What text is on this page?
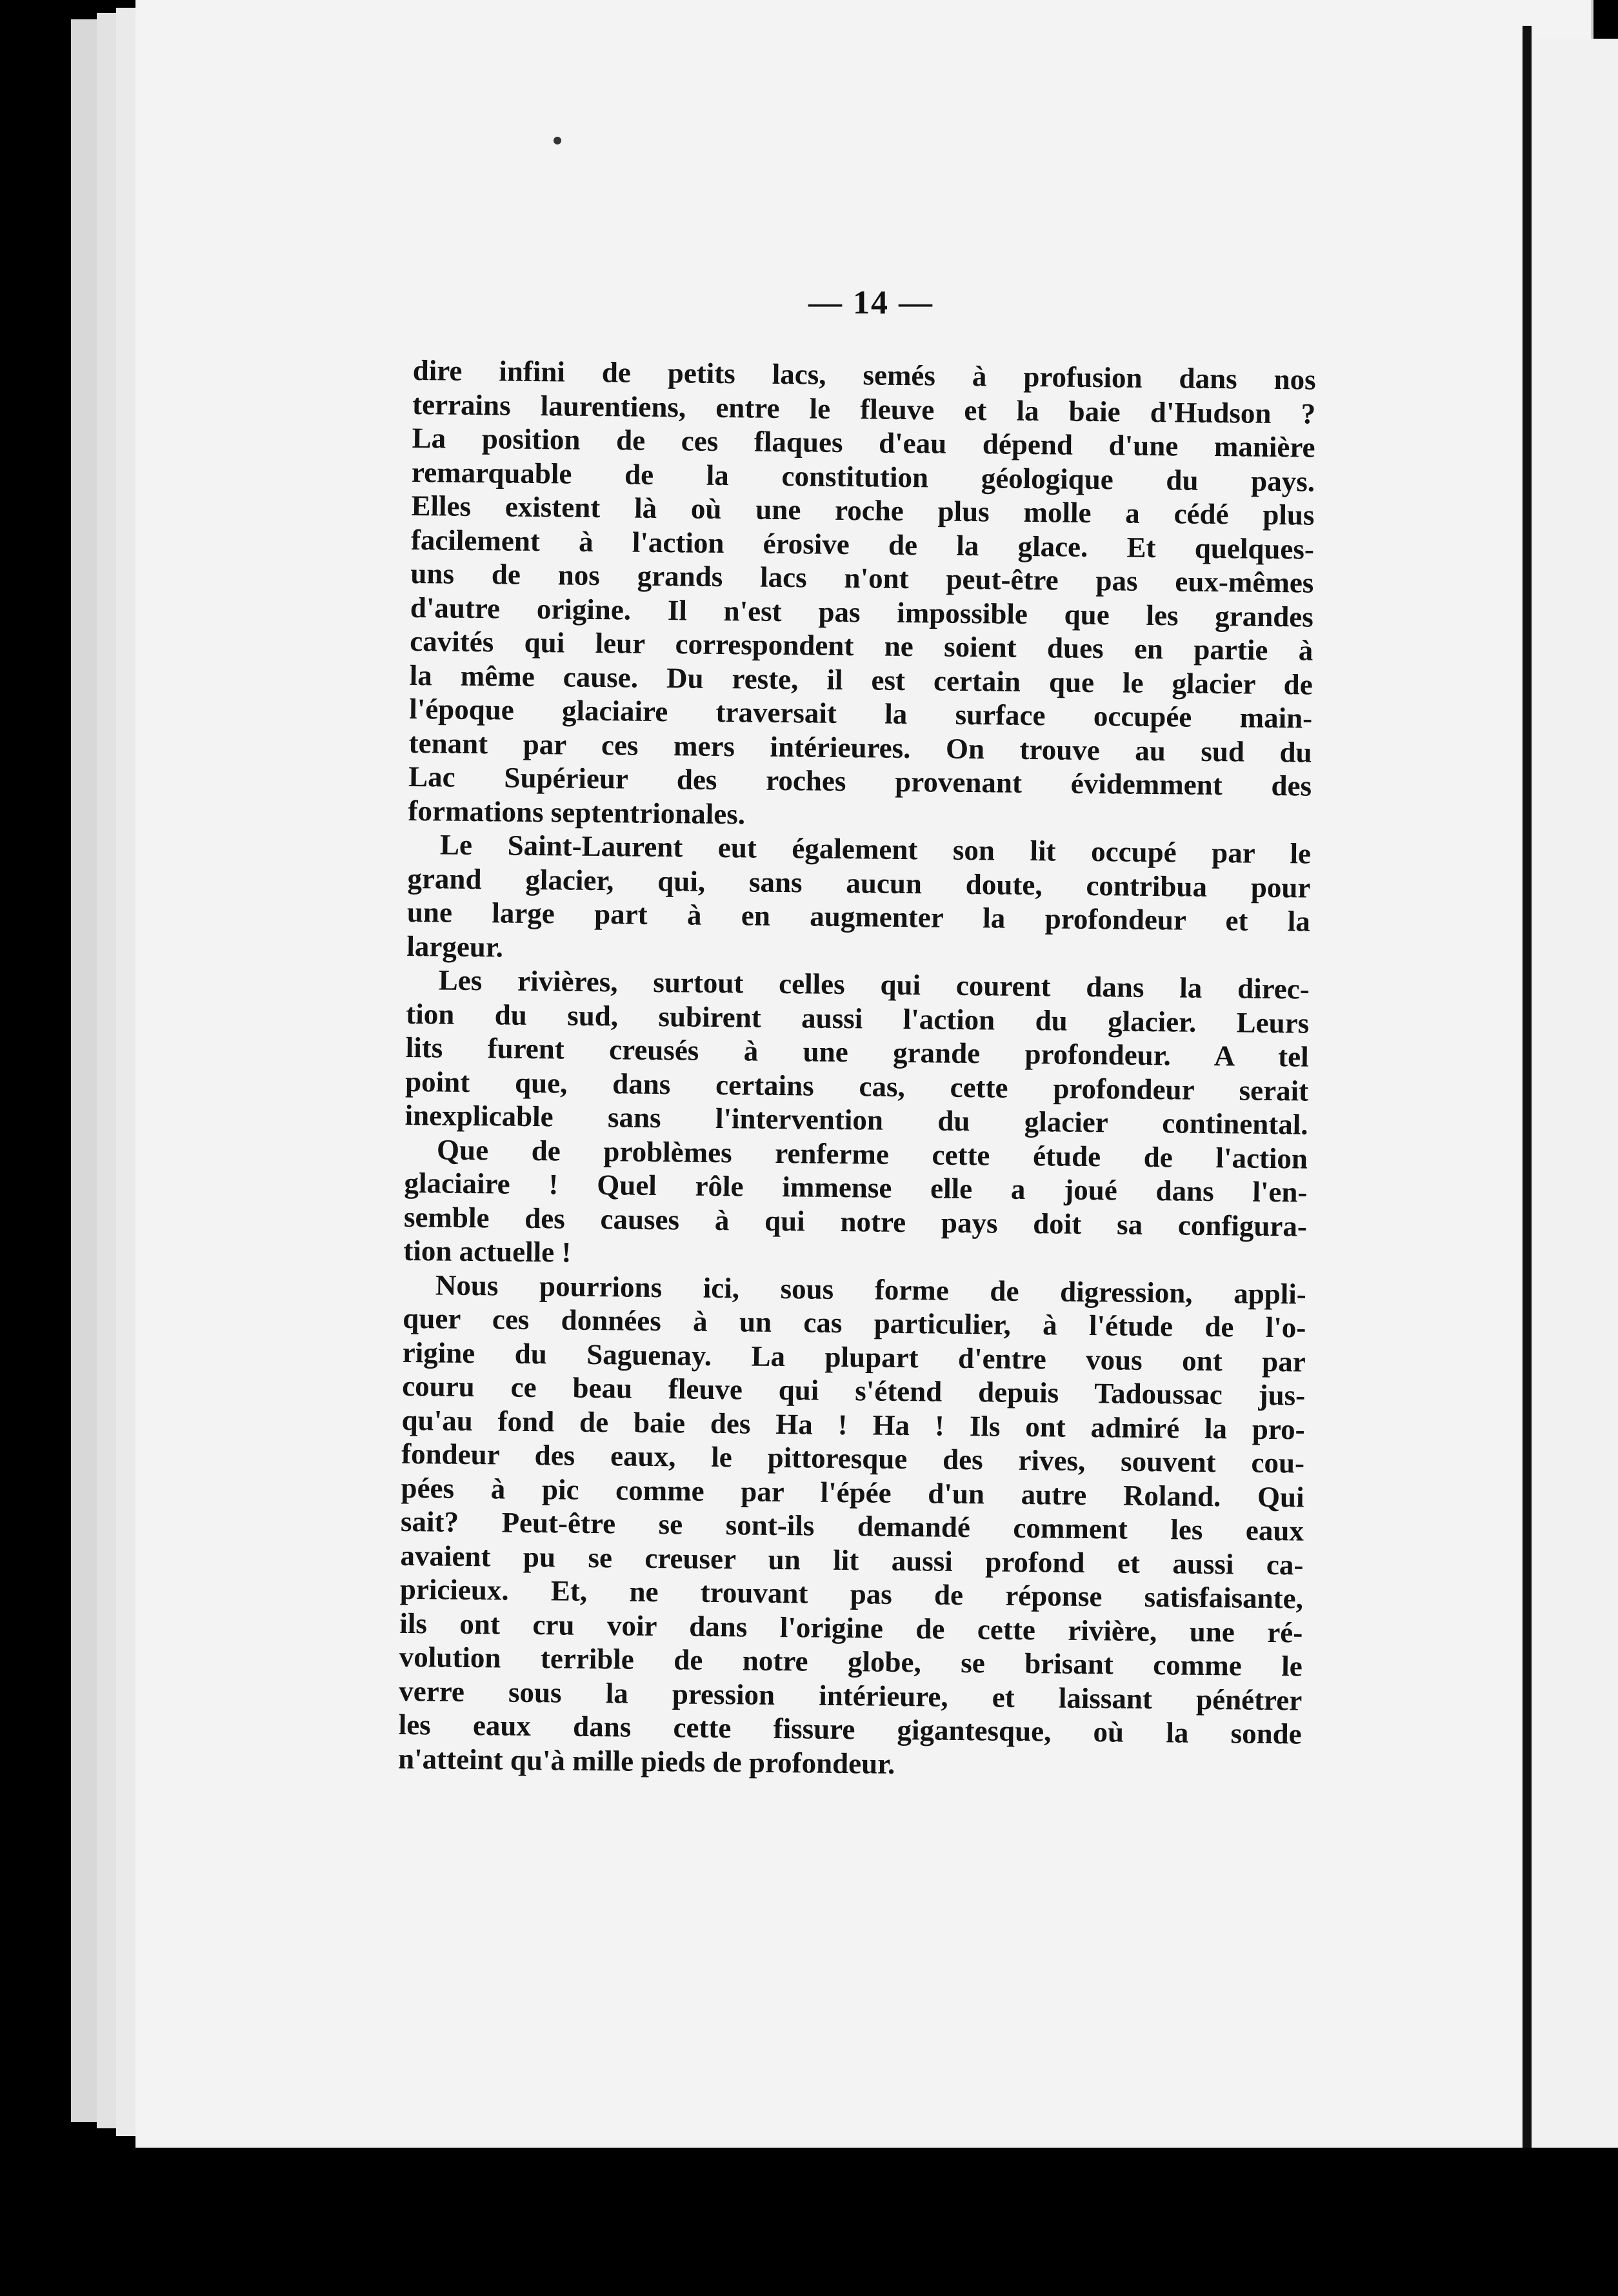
— 14 —
dire infini de petits lacs, semés à profusion dans nos
terrains laurentiens, entre le fleuve et la baie d'Hudson ?
La position de ces flaques d'eau dépend d'une manière
remarquable de la constitution géologique du pays.
Elles existent là où une roche plus molle a cédé plus
facilement à l'action érosive de la glace. Et quelques-
uns de nos grands lacs n'ont peut-être pas eux-mêmes
d'autre origine. Il n'est pas impossible que les grandes
cavités qui leur correspondent ne soient dues en partie à
la même cause. Du reste, il est certain que le glacier de
l'époque glaciaire traversait la surface occupée main-
tenant par ces mers intérieures. On trouve au sud du
Lac Supérieur des roches provenant évidemment des
formations septentrionales.
Le Saint-Laurent eut également son lit occupé par le
grand glacier, qui, sans aucun doute, contribua pour
une large part à en augmenter la profondeur et la
largeur.
Les rivières, surtout celles qui courent dans la direc-
tion du sud, subirent aussi l'action du glacier. Leurs
lits furent creusés à une grande profondeur. A tel
point que, dans certains cas, cette profondeur serait
inexplicable sans l'intervention du glacier continental.
Que de problèmes renferme cette étude de l'action
glaciaire ! Quel rôle immense elle a joué dans l'en-
semble des causes à qui notre pays doit sa configura-
tion actuelle !
Nous pourrions ici, sous forme de digression, appli-
quer ces données à un cas particulier, à l'étude de l'o-
rigine du Saguenay. La plupart d'entre vous ont par
couru ce beau fleuve qui s'étend depuis Tadoussac jus-
qu'au fond de baie des Ha ! Ha ! Ils ont admiré la pro-
fondeur des eaux, le pittoresque des rives, souvent cou-
pées à pic comme par l'épée d'un autre Roland. Qui
sait? Peut-être se sont-ils demandé comment les eaux
avaient pu se creuser un lit aussi profond et aussi ca-
pricieux. Et, ne trouvant pas de réponse satisfaisante,
ils ont cru voir dans l'origine de cette rivière, une ré-
volution terrible de notre globe, se brisant comme le
verre sous la pression intérieure, et laissant pénétrer
les eaux dans cette fissure gigantesque, où la sonde
n'atteint qu'à mille pieds de profondeur.
